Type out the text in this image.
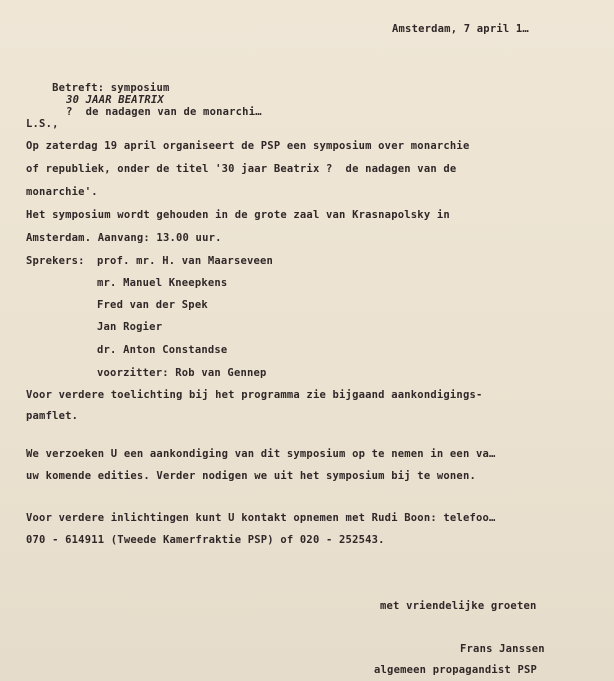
Amsterdam, 7 april 1…

Betreft: symposium
30 JAAR BEATRIX
?  de nadagen van de monarchi…

L.S.,
Op zaterdag 19 april organiseert de PSP een symposium over monarchie
of republiek, onder de titel '30 jaar Beatrix ?  de nadagen van de
monarchie'.
Het symposium wordt gehouden in de grote zaal van Krasnapolsky in
Amsterdam. Aanvang: 13.00 uur.
Sprekers: prof. mr. H. van Maarseveen
mr. Manuel Kneepkens
Fred van der Spek
Jan Rogier
dr. Anton Constandse
voorzitter: Rob van Gennep
Voor verdere toelichting bij het programma zie bijgaand aankondigings-
pamflet.
We verzoeken U een aankondiging van dit symposium op te nemen in een va…
uw komende edities. Verder nodigen we uit het symposium bij te wonen.
Voor verdere inlichtingen kunt U kontakt opnemen met Rudi Boon: telefoo…
070 - 614911 (Tweede Kamerfraktie PSP) of 020 - 252543.
met vriendelijke groeten
Frans Janssen
algemeen propagandist PSP
